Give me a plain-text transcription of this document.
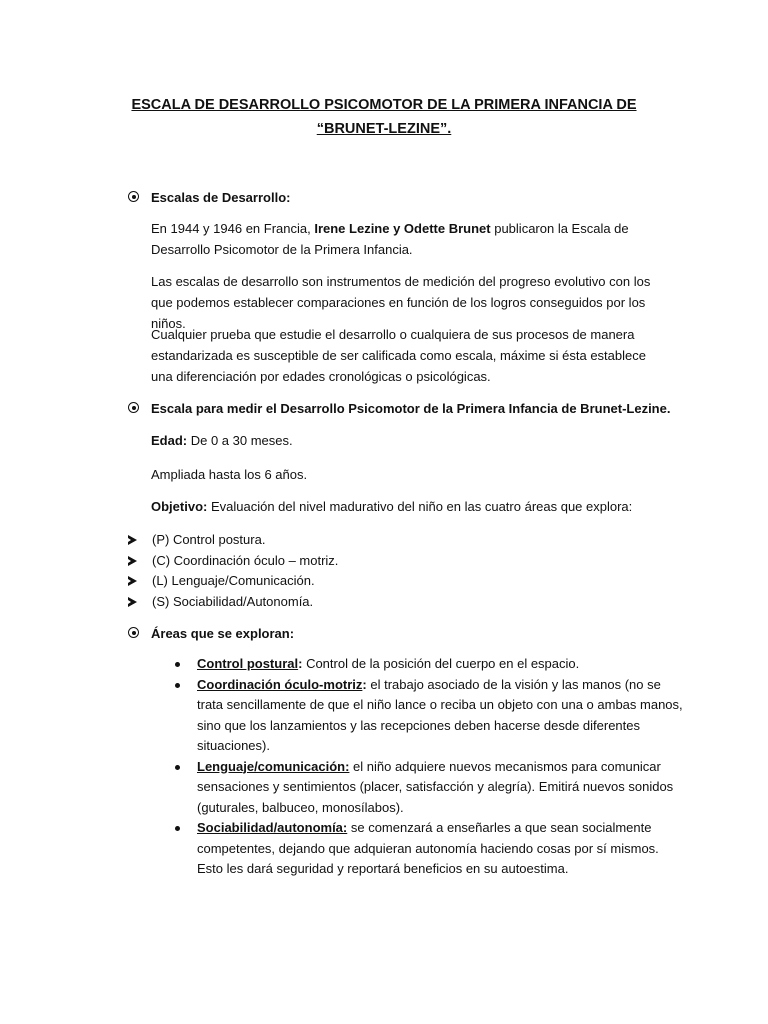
ESCALA DE DESARROLLO PSICOMOTOR DE LA PRIMERA INFANCIA DE
“BRUNET-LEZINE”.
Escalas de Desarrollo:
En 1944 y 1946 en Francia, Irene Lezine y Odette Brunet publicaron la Escala de Desarrollo Psicomotor de la Primera Infancia.
Las escalas de desarrollo son instrumentos de medición del progreso evolutivo con los que podemos establecer comparaciones en función de los logros conseguidos por los niños.
Cualquier prueba que estudie el desarrollo o cualquiera de sus procesos de manera estandarizada es susceptible de ser calificada como escala, máxime si ésta establece una diferenciación por edades cronológicas o psicológicas.
Escala para medir el Desarrollo Psicomotor de la Primera Infancia de Brunet-Lezine.
Edad: De 0 a 30 meses.
Ampliada hasta los 6 años.
Objetivo: Evaluación del nivel madurativo del niño en las cuatro áreas que explora:
(P) Control postura.
(C) Coordinación óculo – motriz.
(L) Lenguaje/Comunicación.
(S) Sociabilidad/Autonomía.
Áreas que se exploran:
Control postural: Control de la posición del cuerpo en el espacio.
Coordinación óculo-motriz: el trabajo asociado de la visión y las manos (no se trata sencillamente de que el niño lance o reciba un objeto con una o ambas manos, sino que los lanzamientos y las recepciones deben hacerse desde diferentes situaciones).
Lenguaje/comunicación: el niño adquiere nuevos mecanismos para comunicar sensaciones y sentimientos (placer, satisfacción y alegría). Emitirá nuevos sonidos (guturales, balbuceo, monosílabos).
Sociabilidad/autonomía: se comenzará a enseñarles a que sean socialmente competentes, dejando que adquieran autonomía haciendo cosas por sí mismos. Esto les dará seguridad y reportará beneficios en su autoestima.
